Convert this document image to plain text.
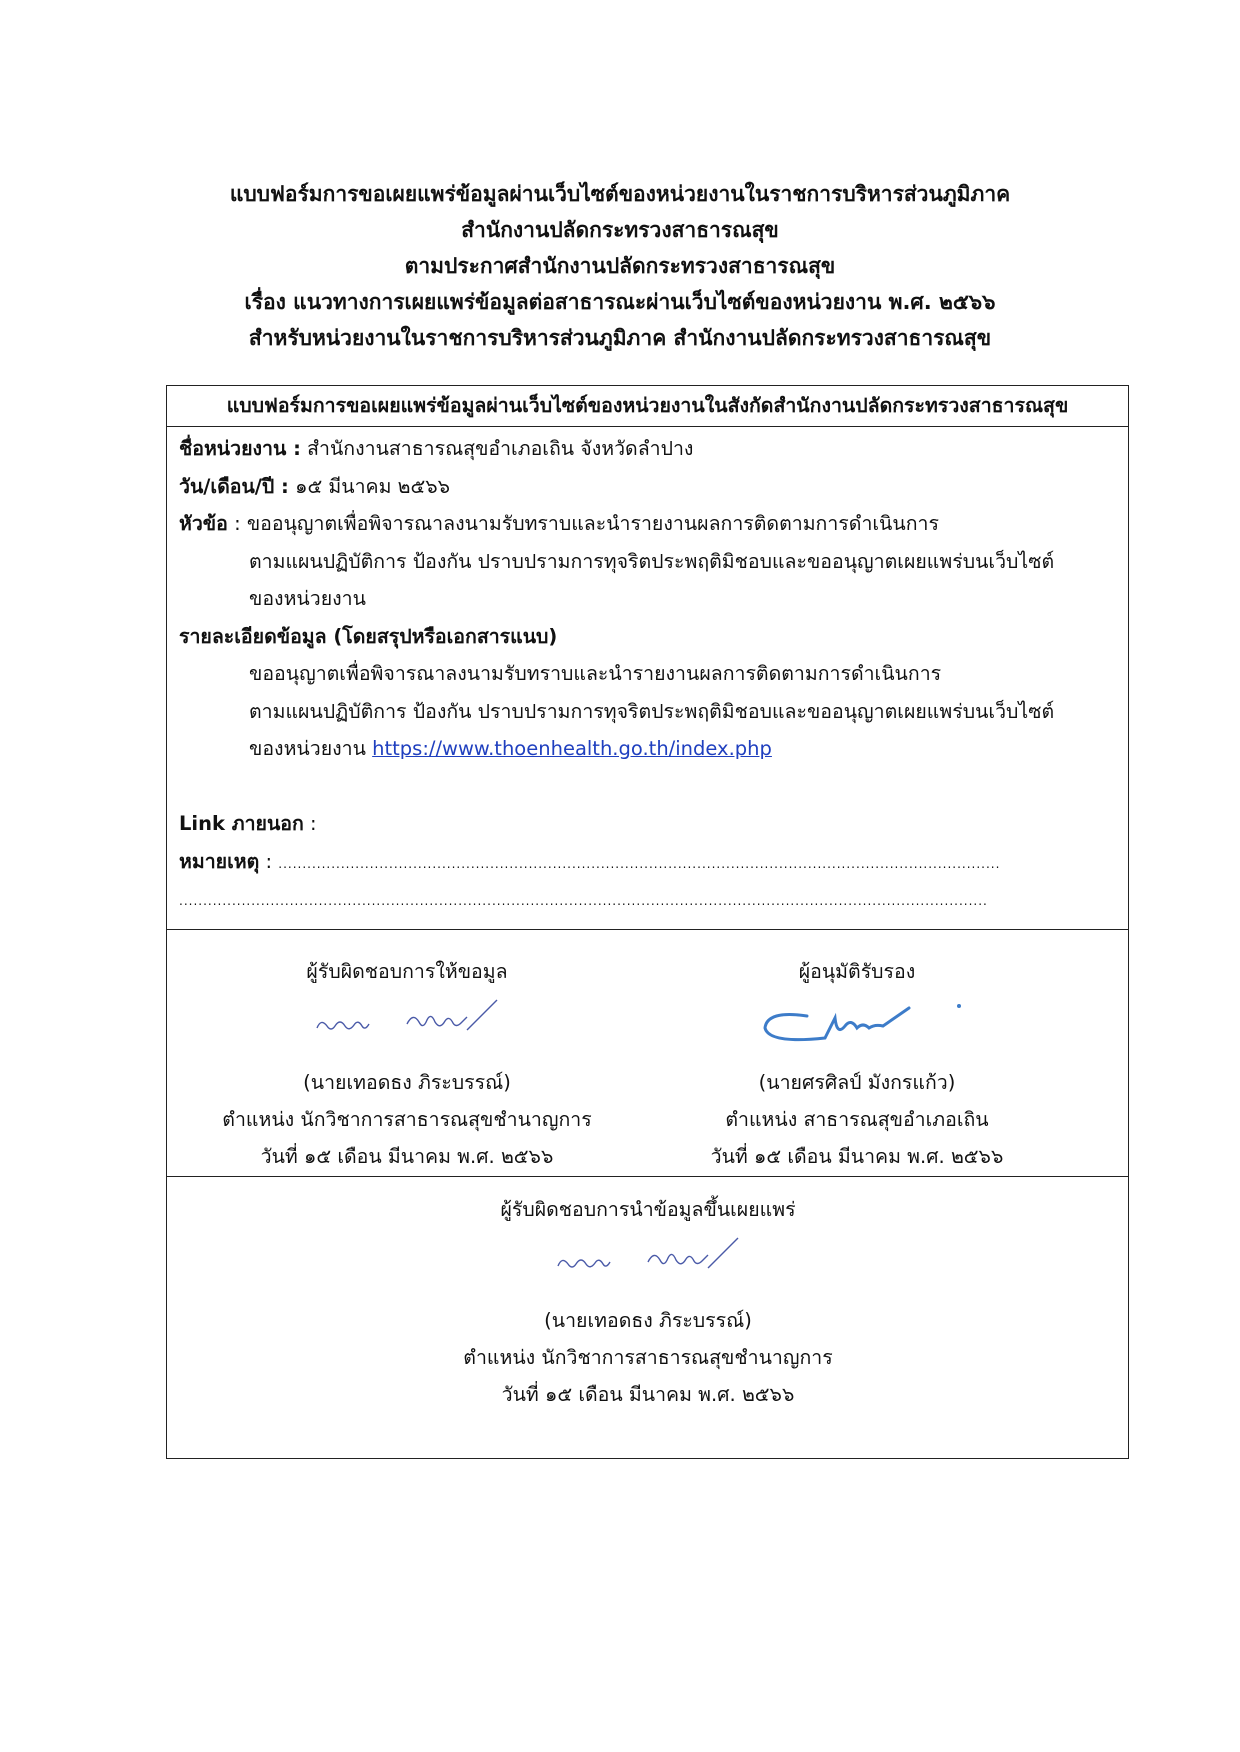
แบบฟอร์มการขอเผยแพร่ข้อมูลผ่านเว็บไซต์ของหน่วยงานในราชการบริหารส่วนภูมิภาค
สำนักงานปลัดกระทรวงสาธารณสุข
ตามประกาศสำนักงานปลัดกระทรวงสาธารณสุข
เรื่อง แนวทางการเผยแพร่ข้อมูลต่อสาธารณะผ่านเว็บไซต์ของหน่วยงาน พ.ศ. ๒๕๖๖
สำหรับหน่วยงานในราชการบริหารส่วนภูมิภาค สำนักงานปลัดกระทรวงสาธารณสุข
แบบฟอร์มการขอเผยแพร่ข้อมูลผ่านเว็บไซต์ของหน่วยงานในสังกัดสำนักงานปลัดกระทรวงสาธารณสุข
ชื่อหน่วยงาน : สำนักงานสาธารณสุขอำเภอเถิน จังหวัดลำปาง
วัน/เดือน/ปี : ๑๕ มีนาคม ๒๕๖๖
หัวข้อ : ขออนุญาตเพื่อพิจารณาลงนามรับทราบและนำรายงานผลการติดตามการดำเนินการ
ตามแผนปฏิบัติการ ป้องกัน ปราบปรามการทุจริตประพฤติมิชอบและขออนุญาตเผยแพร่บนเว็บไซต์
ของหน่วยงาน
รายละเอียดข้อมูล (โดยสรุปหรือเอกสารแนบ)
ขออนุญาตเพื่อพิจารณาลงนามรับทราบและนำรายงานผลการติดตามการดำเนินการ
ตามแผนปฏิบัติการ ป้องกัน ปราบปรามการทุจริตประพฤติมิชอบและขออนุญาตเผยแพร่บนเว็บไซต์
ของหน่วยงาน https://www.thoenhealth.go.th/index.php
Link ภายนอก :
หมายเหตุ : ......................................................................................................................................................
........................................................................................................................................................................
ผู้รับผิดชอบการให้ขอมูล
(นายเทอดธง ภิระบรรณ์)
ตำแหน่ง นักวิชาการสาธารณสุขชำนาญการ
วันที่ ๑๕ เดือน มีนาคม พ.ศ. ๒๕๖๖
ผู้อนุมัติรับรอง
(นายศรศิลป์ มังกรแก้ว)
ตำแหน่ง สาธารณสุขอำเภอเถิน
วันที่ ๑๕ เดือน มีนาคม พ.ศ. ๒๕๖๖
ผู้รับผิดชอบการนำข้อมูลขึ้นเผยแพร่
(นายเทอดธง ภิระบรรณ์)
ตำแหน่ง นักวิชาการสาธารณสุขชำนาญการ
วันที่ ๑๕ เดือน มีนาคม พ.ศ. ๒๕๖๖
